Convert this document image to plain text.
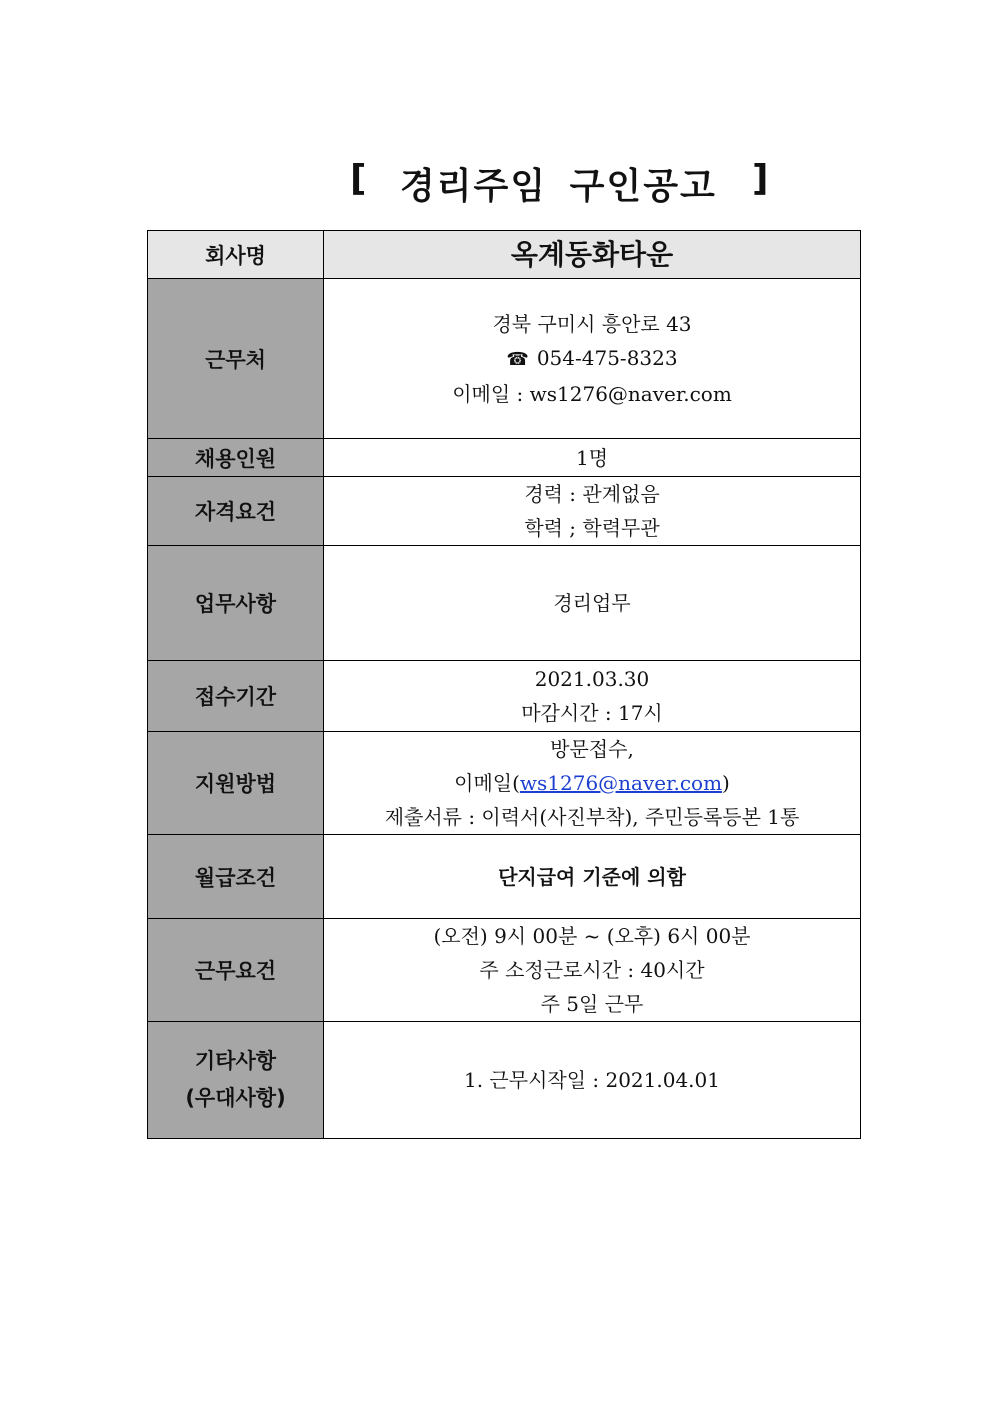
[ 경리주임 구인공고 ]
회사명	옥계동화타운
근무처	경북 구미시 흥안로 43
☎ 054-475-8323
이메일 : ws1276@naver.com

채용인원	1명
자격요건	경력 : 관계없음
학력 ; 학력무관

업무사항	경리업무
접수기간	2021.03.30
마감시간 : 17시

지원방법	방문접수,
이메일(ws1276@naver.com)
제출서류 : 이력서(사진부착), 주민등록등본 1통

월급조건	단지급여 기준에 의함
근무요건	(오전) 9시 00분 ~ (오후) 6시 00분
주 소정근로시간 : 40시간
주 5일 근무

기타사항
(우대사항)	1. 근무시작일 : 2021.04.01
